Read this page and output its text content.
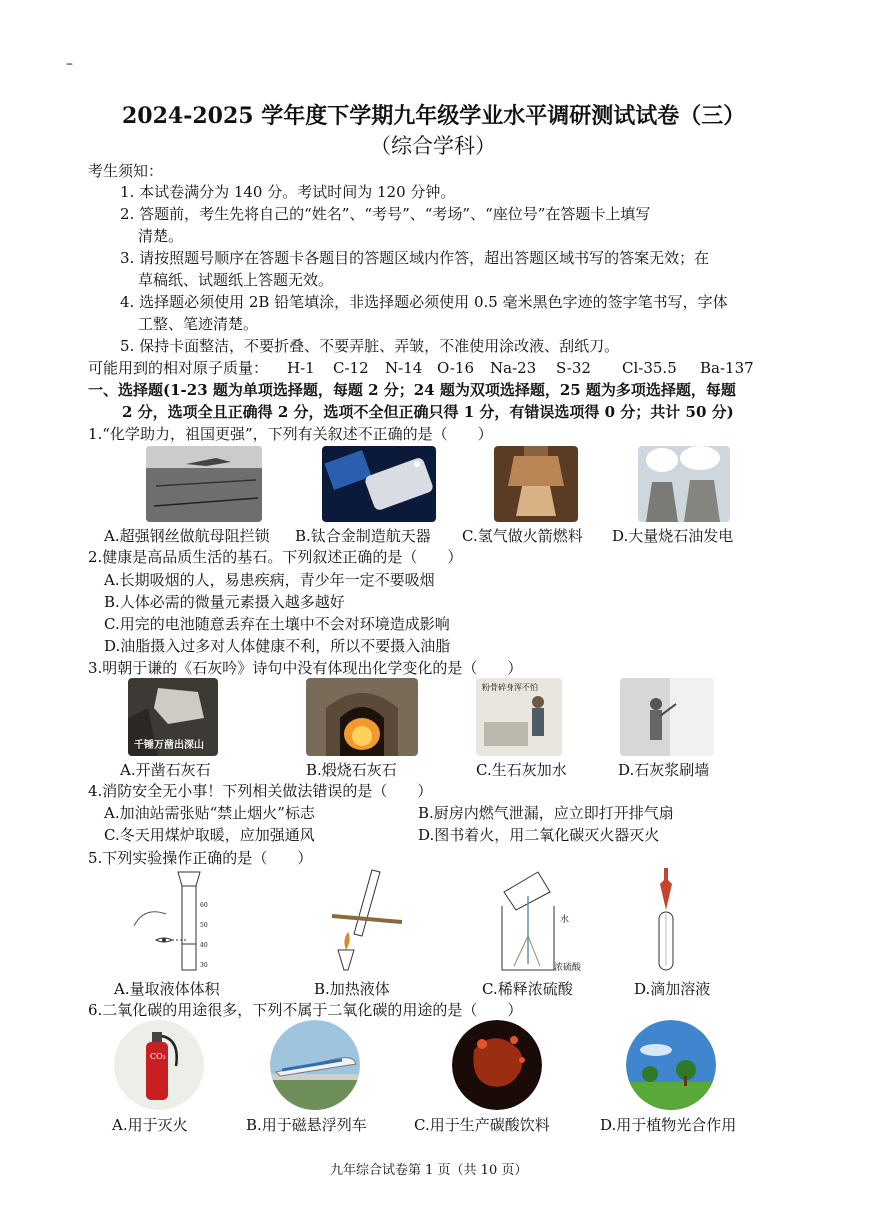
–
2024-2025 学年度下学期九年级学业水平调研测试试卷（三）
（综合学科）
考生须知：
1. 本试卷满分为 140 分。考试时间为 120 分钟。
2. 答题前，考生先将自己的“姓名”、“考号”、“考场”、“座位号”在答题卡上填写
清楚。
3. 请按照题号顺序在答题卡各题目的答题区域内作答，超出答题区域书写的答案无效；在
草稿纸、试题纸上答题无效。
4. 选择题必须使用 2B 铅笔填涂，非选择题必须使用 0.5 毫米黑色字迹的签字笔书写，字体
工整、笔迹清楚。
5. 保持卡面整洁，不要折叠、不要弄脏、弄皱，不准使用涂改液、刮纸刀。
可能用到的相对原子质量： H-1 C-12 N-14 O-16 Na-23 S-32 Cl-35.5 Ba-137
一、选择题(1-23 题为单项选择题，每题 2 分；24 题为双项选择题，25 题为多项选择题，每题
2 分，选项全且正确得 2 分，选项不全但正确只得 1 分，有错误选项得 0 分；共计 50 分)
1.“化学助力，祖国更强”，下列有关叙述不正确的是（　　）
A.超强钢丝做航母阻拦锁 B.钛合金制造航天器 C.氢气做火箭燃料 D.大量烧石油发电
2.健康是高品质生活的基石。下列叙述正确的是（　　）
A.长期吸烟的人，易患疾病，青少年一定不要吸烟
B.人体必需的微量元素摄入越多越好
C.用完的电池随意丢弃在土壤中不会对环境造成影响
D.油脂摄入过多对人体健康不利，所以不要摄入油脂
3.明朝于谦的《石灰吟》诗句中没有体现出化学变化的是（　　）
千锤万凿出深山
粉骨碎身浑不怕
A.开凿石灰石	B.煅烧石灰石	C.生石灰加水	D.石灰浆刷墙
4.消防安全无小事！下列相关做法错误的是（　　）
A.加油站需张贴“禁止烟火”标志	B.厨房内燃气泄漏，应立即打开排气扇
C.冬天用煤炉取暖，应加强通风	D.图书着火，用二氧化碳灭火器灭火
5.下列实验操作正确的是（　　）
60
50
40
30
水
浓硫酸
A.量取液体体积	B.加热液体	C.稀释浓硫酸	D.滴加溶液
6.二氧化碳的用途很多，下列不属于二氧化碳的用途的是（　　）
CO₂
A.用于灭火	B.用于磁悬浮列车	C.用于生产碳酸饮料	D.用于植物光合作用
九年综合试卷第 1 页（共 10 页）
